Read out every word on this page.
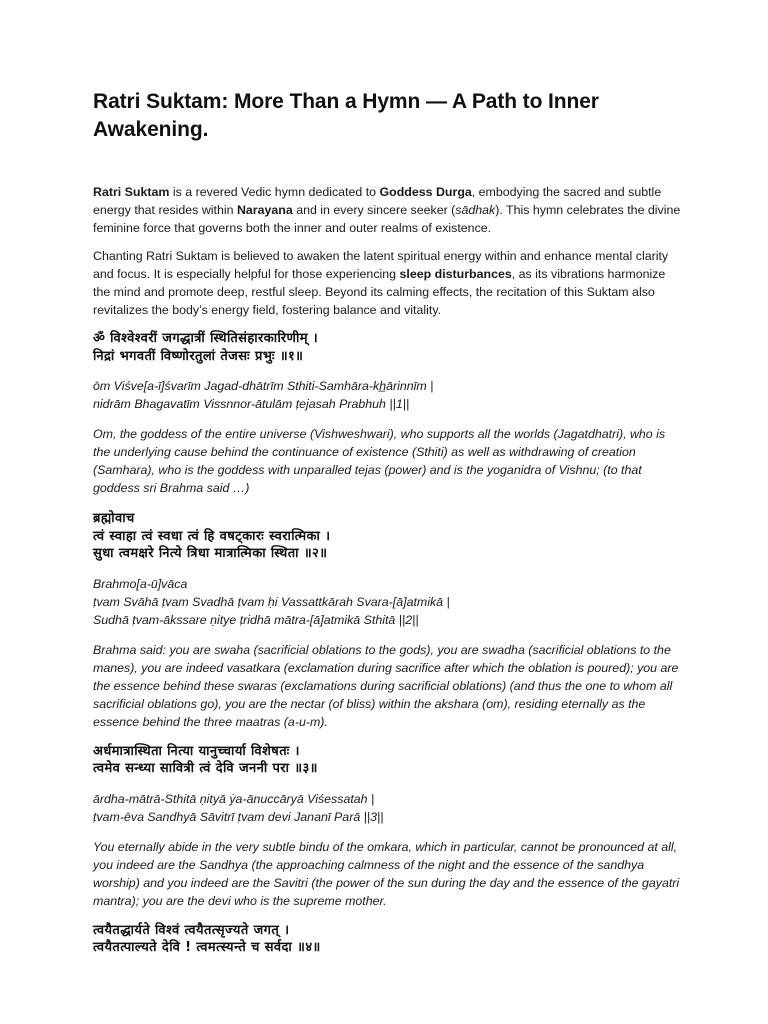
Ratri Suktam: More Than a Hymn — A Path to Inner Awakening.

Ratri Suktam is a revered Vedic hymn dedicated to Goddess Durga, embodying the sacred and subtle energy that resides within Narayana and in every sincere seeker (sādhak). This hymn celebrates the divine feminine force that governs both the inner and outer realms of existence.

Chanting Ratri Suktam is believed to awaken the latent spiritual energy within and enhance mental clarity and focus. It is especially helpful for those experiencing sleep disturbances, as its vibrations harmonize the mind and promote deep, restful sleep. Beyond its calming effects, the recitation of this Suktam also revitalizes the body’s energy field, fostering balance and vitality.

ॐ विश्वेश्वरीं जगद्धात्रीं स्थितिसंहारकारिणीम् ।

निद्रां भगवतीं विष्णोरतुलां तेजसः प्रभुः ॥१॥

ōm Viśve[a-ī]śvarīm Jagad-dhātrīm Sthiti-Samhāra-kh̲ārinnīm |

nidrām Bhagavatīm Vissnnor-ātulām ṭejasah Prabhuh ||1||

Om, the goddess of the entire universe (Vishweshwari), who supports all the worlds (Jagatdhatri), who is the underlying cause behind the continuance of existence (Sthiti) as well as withdrawing of creation (Samhara), who is the goddess with unparalled tejas (power) and is the yoganidra of Vishnu; (to that goddess sri Brahma said …)

ब्रह्मोवाच

त्वं स्वाहा त्वं स्वधा त्वं हि वषट्कारः स्वरात्मिका ।

सुधा त्वमक्षरे नित्ये त्रिधा मात्रात्मिका स्थिता ॥२॥

Brahmo[a-ū]vāca

ṭvam Svāhā ṭvam Svadhā ṭvam ḥi Vassattkārah Svara-[ā]atmikā |

Sudhā ṭvam-ākssare ṇitye ṭridhā mātra-[ā]atmikā Sthitā ||2||

Brahma said: you are swaha (sacrificial oblations to the gods), you are swadha (sacrificial oblations to the manes), you are indeed vasatkara (exclamation during sacrifice after which the oblation is poured); you are the essence behind these swaras (exclamations during sacrificial oblations) (and thus the one to whom all sacrificial oblations go), you are the nectar (of bliss) within the akshara (om), residing eternally as the essence behind the three maatras (a-u-m).

अर्धमात्रास्थिता नित्या यानुच्चार्या विशेषतः ।

त्वमेव सन्ध्या सावित्री त्वं देवि जननी परा ॥३॥

ārdha-mātrā-Sthitā ṇityā ẏa-ānuccāryā Viśessatah |

ṭvam-ēva Sandhyā Sāvitrī ṭvam devi Jananī Parā ||3||

You eternally abide in the very subtle bindu of the omkara, which in particular, cannot be pronounced at all, you indeed are the Sandhya (the approaching calmness of the night and the essence of the sandhya worship) and you indeed are the Savitri (the power of the sun during the day and the essence of the gayatri mantra); you are the devi who is the supreme mother.

त्वयैतद्धार्यते विश्वं त्वयैतत्सृज्यते जगत् ।

त्वयैतत्पाल्यते देवि ! त्वमत्स्यन्ते च सर्वदा ॥४॥
